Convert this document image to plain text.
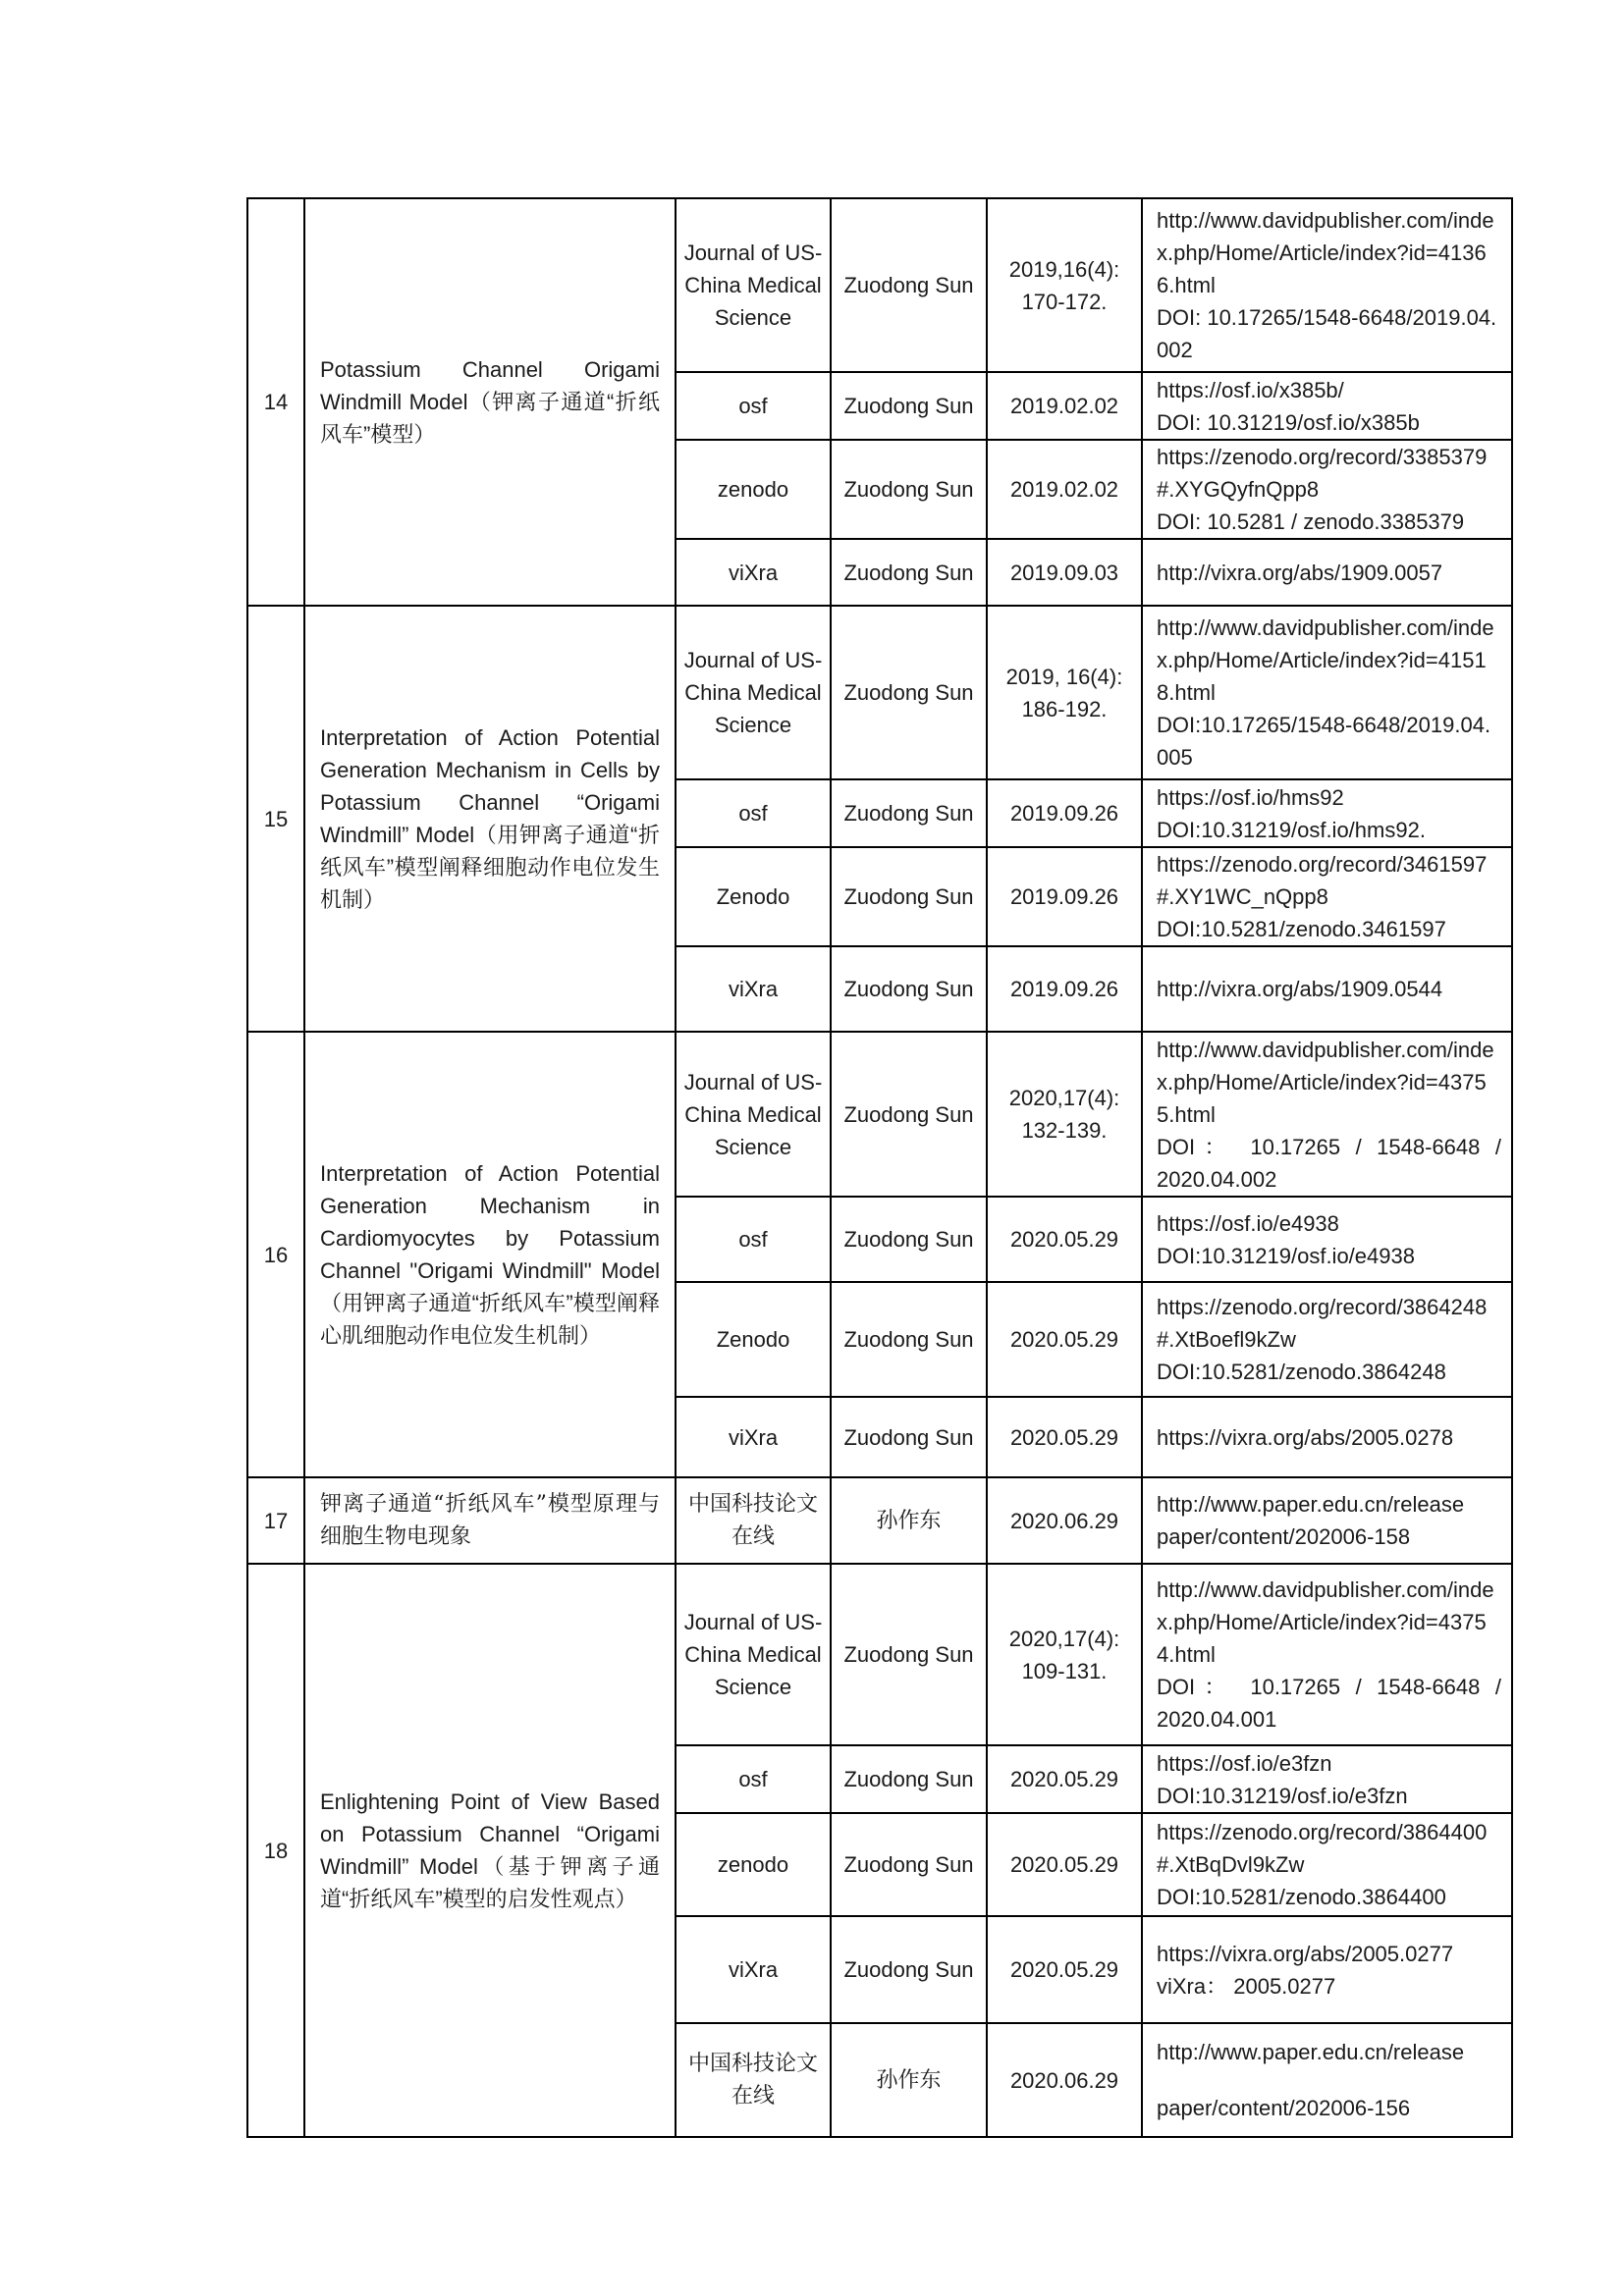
14	Potassium Channel Origami Windmill Model（钾离子通道“折纸风车”模型）	Journal of US-China Medical Science	Zuodong Sun	2019,16(4): 170-172.	http://www.davidpublisher.com/index.php/Home/Article/index?id=41366.html
DOI: 10.17265/1548-6648/2019.04.002

		osf	Zuodong Sun	2019.02.02	https://osf.io/x385b/
DOI: 10.31219/osf.io/x385b

		zenodo	Zuodong Sun	2019.02.02	https://zenodo.org/record/3385379#.XYGQyfnQpp8
DOI: 10.5281 / zenodo.3385379

		viXra	Zuodong Sun	2019.09.03	http://vixra.org/abs/1909.0057

15	Interpretation of Action Potential Generation Mechanism in Cells by Potassium Channel “Origami Windmill” Model（用钾离子通道“折纸风车”模型阐释细胞动作电位发生机制）	Journal of US-China Medical Science	Zuodong Sun	2019, 16(4): 186-192.	http://www.davidpublisher.com/index.php/Home/Article/index?id=41518.html
DOI:10.17265/1548-6648/2019.04.005

		osf	Zuodong Sun	2019.09.26	https://osf.io/hms92
DOI:10.31219/osf.io/hms92.

		Zenodo	Zuodong Sun	2019.09.26	https://zenodo.org/record/3461597#.XY1WC_nQpp8
DOI:10.5281/zenodo.3461597

		viXra	Zuodong Sun	2019.09.26	http://vixra.org/abs/1909.0544

16	Interpretation of Action Potential Generation Mechanism in Cardiomyocytes by Potassium Channel "Origami Windmill" Model（用钾离子通道“折纸风车”模型阐释心肌细胞动作电位发生机制）	Journal of US-China Medical Science	Zuodong Sun	2020,17(4): 132-139.	http://www.davidpublisher.com/index.php/Home/Article/index?id=43755.html
DOI： 10.17265 / 1548-6648 /
2020.04.002

		osf	Zuodong Sun	2020.05.29	https://osf.io/e4938
DOI:10.31219/osf.io/e4938

		Zenodo	Zuodong Sun	2020.05.29	https://zenodo.org/record/3864248#.XtBoefl9kZw
DOI:10.5281/zenodo.3864248

		viXra	Zuodong Sun	2020.05.29	https://vixra.org/abs/2005.0278

17	钾离子通道“折纸风车”模型原理与细胞生物电现象	中国科技论文在线	孙作东	2020.06.29	http://www.paper.edu.cn/release
paper/content/202006-158

18	Enlightening Point of View Based on Potassium Channel “Origami Windmill” Model（基于钾离子通道“折纸风车”模型的启发性观点）	Journal of US-China Medical Science	Zuodong Sun	2020,17(4): 109-131.	http://www.davidpublisher.com/index.php/Home/Article/index?id=43754.html
DOI： 10.17265 / 1548-6648 /
2020.04.001

		osf	Zuodong Sun	2020.05.29	https://osf.io/e3fzn
DOI:10.31219/osf.io/e3fzn

		zenodo	Zuodong Sun	2020.05.29	https://zenodo.org/record/3864400#.XtBqDvl9kZw
DOI:10.5281/zenodo.3864400

		viXra	Zuodong Sun	2020.05.29	https://vixra.org/abs/2005.0277
viXra： 2005.0277

		中国科技论文在线	孙作东	2020.06.29	http://www.paper.edu.cn/release
paper/content/202006-156
